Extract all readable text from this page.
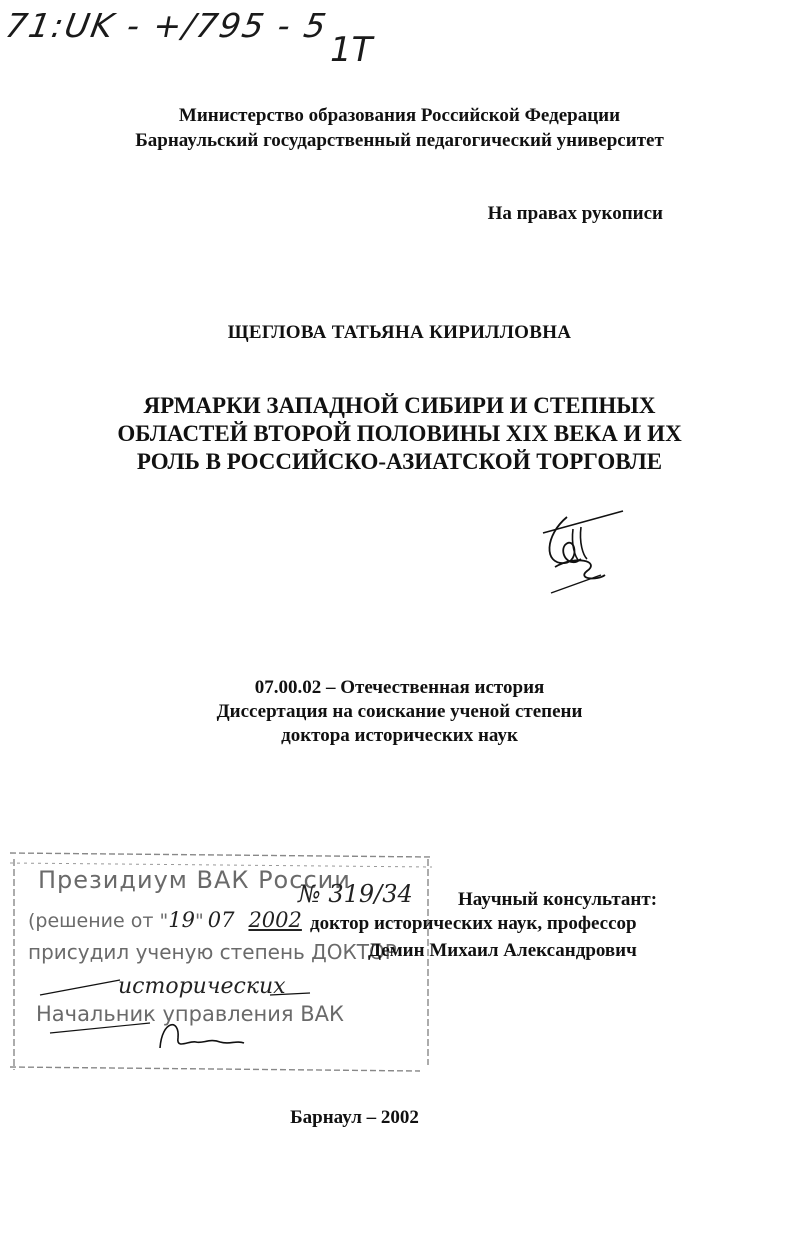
71:UK - +/795 - 5
1Т
Министерство образования Российской Федерации
Барнаульский государственный педагогический университет
На правах рукописи
ЩЕГЛОВА ТАТЬЯНА КИРИЛЛОВНА
ЯРМАРКИ ЗАПАДНОЙ СИБИРИ И СТЕПНЫХ
ОБЛАСТЕЙ ВТОРОЙ ПОЛОВИНЫ XIX ВЕКА И ИХ
РОЛЬ В РОССИЙСКО-АЗИАТСКОЙ ТОРГОВЛЕ
07.00.02 – Отечественная история
Диссертация на соискание ученой степени
доктора исторических наук
Президиум ВАК России
(решение от "19" 07 2002
№ 319/34
присудил ученую степень ДОКТОР
исторических
Начальник управления ВАК
Научный консультант:
доктор исторических наук, профессор
Демин Михаил Александрович
Барнаул – 2002
